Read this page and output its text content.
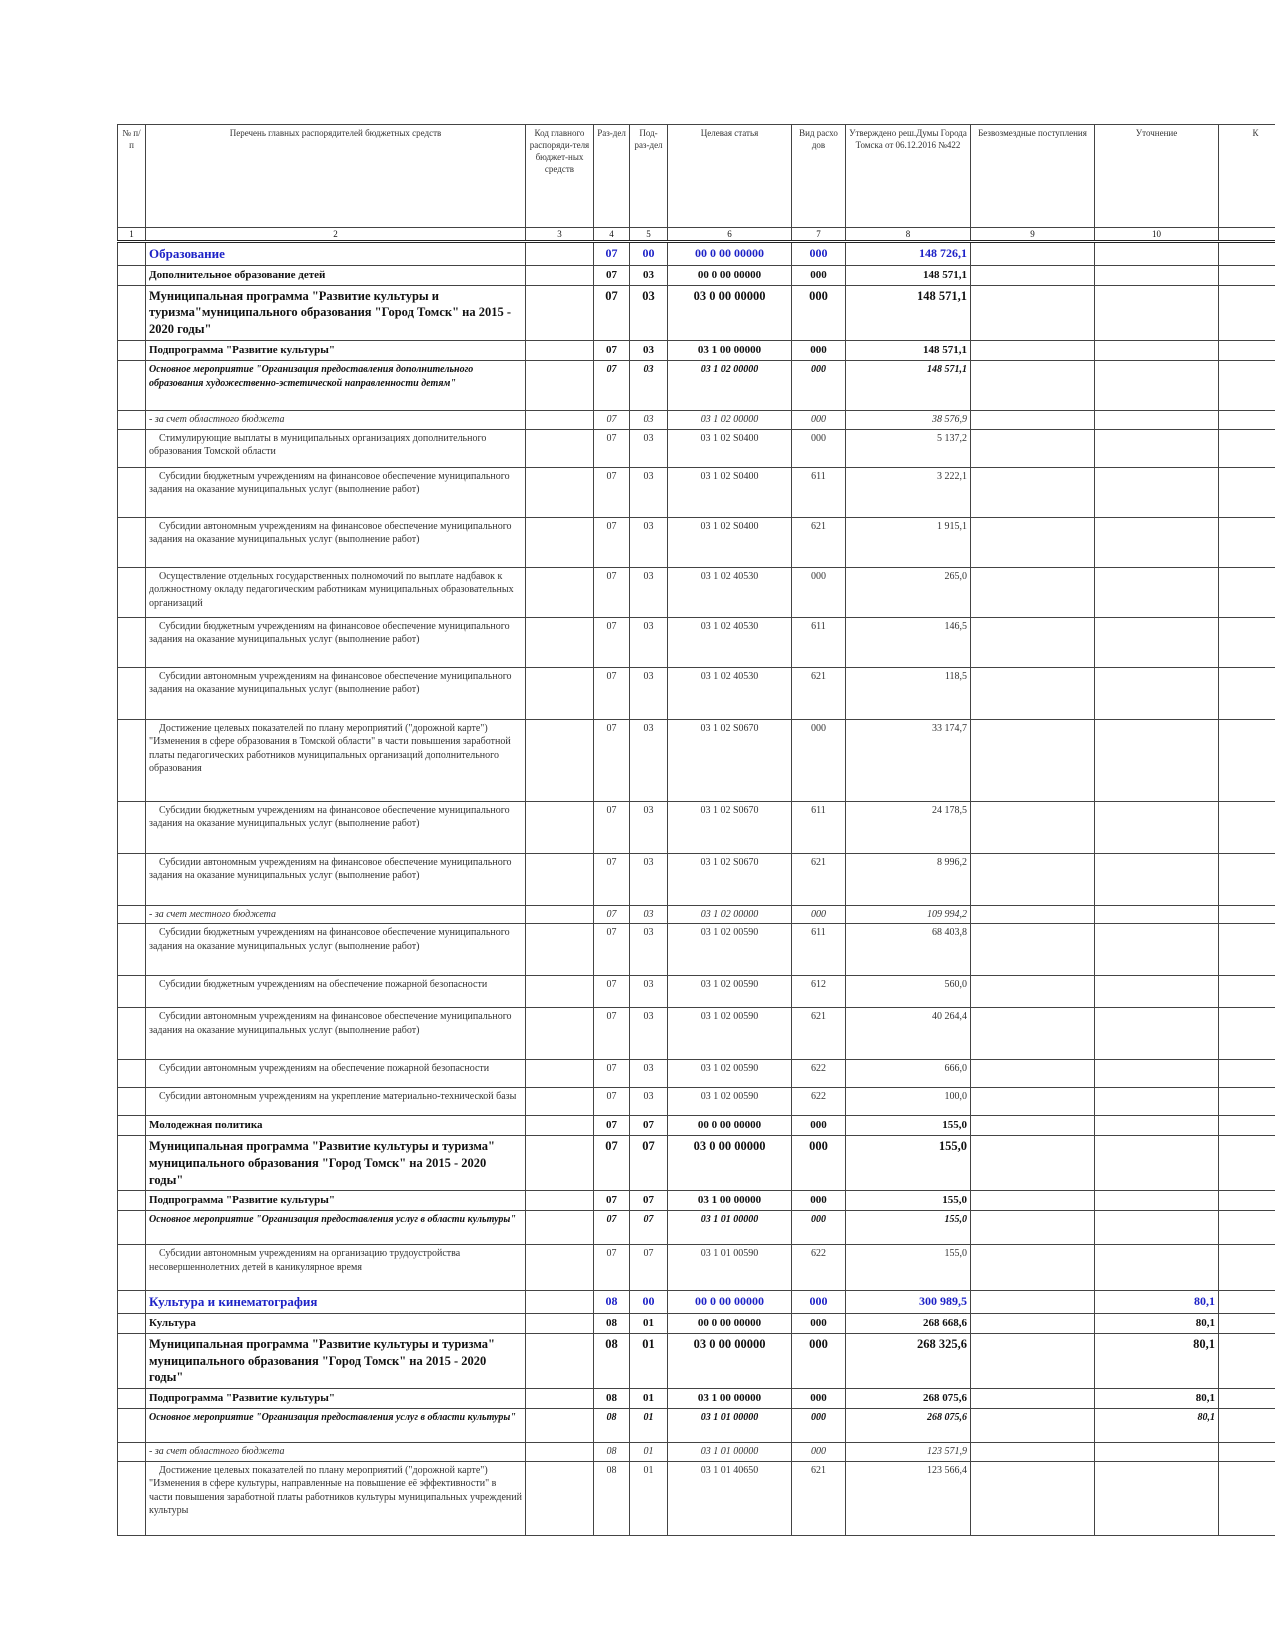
№ п/п	Перечень главных распорядителей бюджетных средств	Код главного распоряди-теля бюджет-ных средств	Раз-дел	Под-раз-дел	Целевая статья	Вид расхо дов	Утверждено реш.Думы Города Томска от 06.12.2016 №422	Безвозмездные поступления	Уточнение	К
1	2	3	4	5	6	7	8	9	10	
	Образование		07	00	00 0 00 00000	000	148 726,1			
	Дополнительное образование детей		07	03	00 0 00 00000	000	148 571,1			
	Муниципальная программа "Развитие культуры и туризма"муниципального образования "Город Томск" на 2015 - 2020 годы"		07	03	03 0 00 00000	000	148 571,1			
	Подпрограмма "Развитие культуры"		07	03	03 1 00 00000	000	148 571,1			
	Основное мероприятие "Организация предоставления дополнительного образования художественно-эстетической направленности детям"		07	03	03 1 02 00000	000	148 571,1			
	- за счет областного бюджета		07	03	03 1 02 00000	000	38 576,9			
	Стимулирующие выплаты в муниципальных организациях дополнительного образования Томской области		07	03	03 1 02 S0400	000	5 137,2			
	Субсидии бюджетным учреждениям на финансовое обеспечение муниципального задания на оказание муниципальных услуг (выполнение работ)		07	03	03 1 02 S0400	611	3 222,1			
	Субсидии автономным учреждениям на финансовое обеспечение муниципального задания на оказание муниципальных услуг (выполнение работ)		07	03	03 1 02 S0400	621	1 915,1			
	Осуществление отдельных государственных полномочий по выплате надбавок к должностному окладу педагогическим работникам муниципальных образовательных организаций		07	03	03 1 02 40530	000	265,0			
	Субсидии бюджетным учреждениям на финансовое обеспечение муниципального задания на оказание муниципальных услуг (выполнение работ)		07	03	03 1 02 40530	611	146,5			
	Субсидии автономным учреждениям на финансовое обеспечение муниципального задания на оказание муниципальных услуг (выполнение работ)		07	03	03 1 02 40530	621	118,5			
	Достижение целевых показателей по плану мероприятий ("дорожной карте") "Изменения в сфере образования в Томской области" в части повышения заработной платы педагогических работников муниципальных организаций дополнительного образования		07	03	03 1 02 S0670	000	33 174,7			
	Субсидии бюджетным учреждениям на финансовое обеспечение муниципального задания на оказание муниципальных услуг (выполнение работ)		07	03	03 1 02 S0670	611	24 178,5			
	Субсидии автономным учреждениям на финансовое обеспечение муниципального задания на оказание муниципальных услуг (выполнение работ)		07	03	03 1 02 S0670	621	8 996,2			
	- за счет местного бюджета		07	03	03 1 02 00000	000	109 994,2			
	Субсидии бюджетным учреждениям на финансовое обеспечение муниципального задания на оказание муниципальных услуг (выполнение работ)		07	03	03 1 02 00590	611	68 403,8			
	Субсидии бюджетным учреждениям на обеспечение пожарной безопасности		07	03	03 1 02 00590	612	560,0			
	Субсидии автономным учреждениям на финансовое обеспечение муниципального задания на оказание муниципальных услуг (выполнение работ)		07	03	03 1 02 00590	621	40 264,4			
	Субсидии автономным учреждениям на обеспечение пожарной безопасности		07	03	03 1 02 00590	622	666,0			
	Субсидии автономным учреждениям на укрепление материально-технической базы		07	03	03 1 02 00590	622	100,0			
	Молодежная политика		07	07	00 0 00 00000	000	155,0			
	Муниципальная программа "Развитие культуры и туризма" муниципального образования "Город Томск" на 2015 - 2020 годы"		07	07	03 0 00 00000	000	155,0			
	Подпрограмма "Развитие культуры"		07	07	03 1 00 00000	000	155,0			
	Основное мероприятие "Организация предоставления услуг в области культуры"		07	07	03 1 01 00000	000	155,0			
	Субсидии автономным учреждениям на организацию трудоустройства несовершеннолетних детей в каникулярное время		07	07	03 1 01 00590	622	155,0			
	Культура и кинематография		08	00	00 0 00 00000	000	300 989,5		80,1	
	Культура		08	01	00 0 00 00000	000	268 668,6		80,1	
	Муниципальная программа "Развитие культуры и туризма" муниципального образования "Город Томск" на 2015 - 2020 годы"		08	01	03 0 00 00000	000	268 325,6		80,1	
	Подпрограмма "Развитие культуры"		08	01	03 1 00 00000	000	268 075,6		80,1	
	Основное мероприятие "Организация предоставления услуг в области культуры"		08	01	03 1 01 00000	000	268 075,6		80,1	
	- за счет областного бюджета		08	01	03 1 01 00000	000	123 571,9			
	Достижение целевых показателей по плану мероприятий ("дорожной карте") "Изменения в сфере культуры, направленные на повышение её эффективности" в части повышения заработной платы работников культуры муниципальных учреждений культуры		08	01	03 1 01 40650	621	123 566,4			
